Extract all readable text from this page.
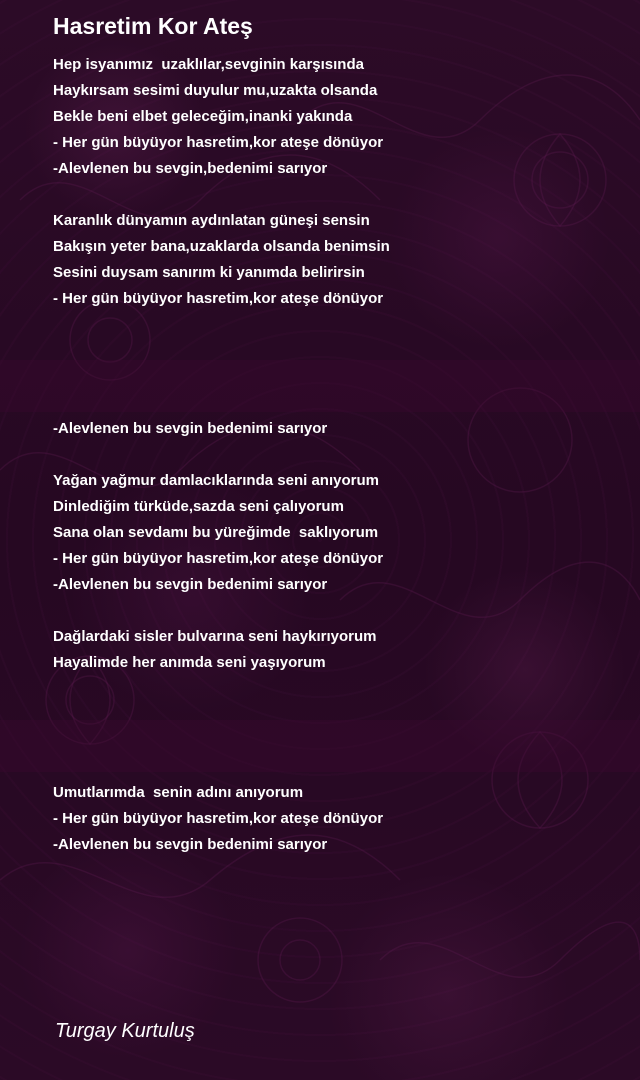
Hasretim Kor Ateş
Hep isyanımız  uzaklılar,sevginin karşısında
Haykırsam sesimi duyulur mu,uzakta olsanda
Bekle beni elbet geleceğim,inanki yakında
- Her gün büyüyor hasretim,kor ateşe dönüyor
-Alevlenen bu sevgin,bedenimi sarıyor
Karanlık dünyamın aydınlatan güneşi sensin
Bakışın yeter bana,uzaklarda olsanda benimsin
Sesini duysam sanırım ki yanımda belirirsin
- Her gün büyüyor hasretim,kor ateşe dönüyor
-Alevlenen bu sevgin bedenimi sarıyor
Yağan yağmur damlacıklarında seni anıyorum
Dinlediğim türküde,sazda seni çalıyorum
Sana olan sevdamı bu yüreğimde  saklıyorum
- Her gün büyüyor hasretim,kor ateşe dönüyor
-Alevlenen bu sevgin bedenimi sarıyor
Dağlardaki sisler bulvarına seni haykırıyorum
Hayalimde her anımda seni yaşıyorum
Umutlarımda  senin adını anıyorum
- Her gün büyüyor hasretim,kor ateşe dönüyor
-Alevlenen bu sevgin bedenimi sarıyor

Turgay Kurtuluş
